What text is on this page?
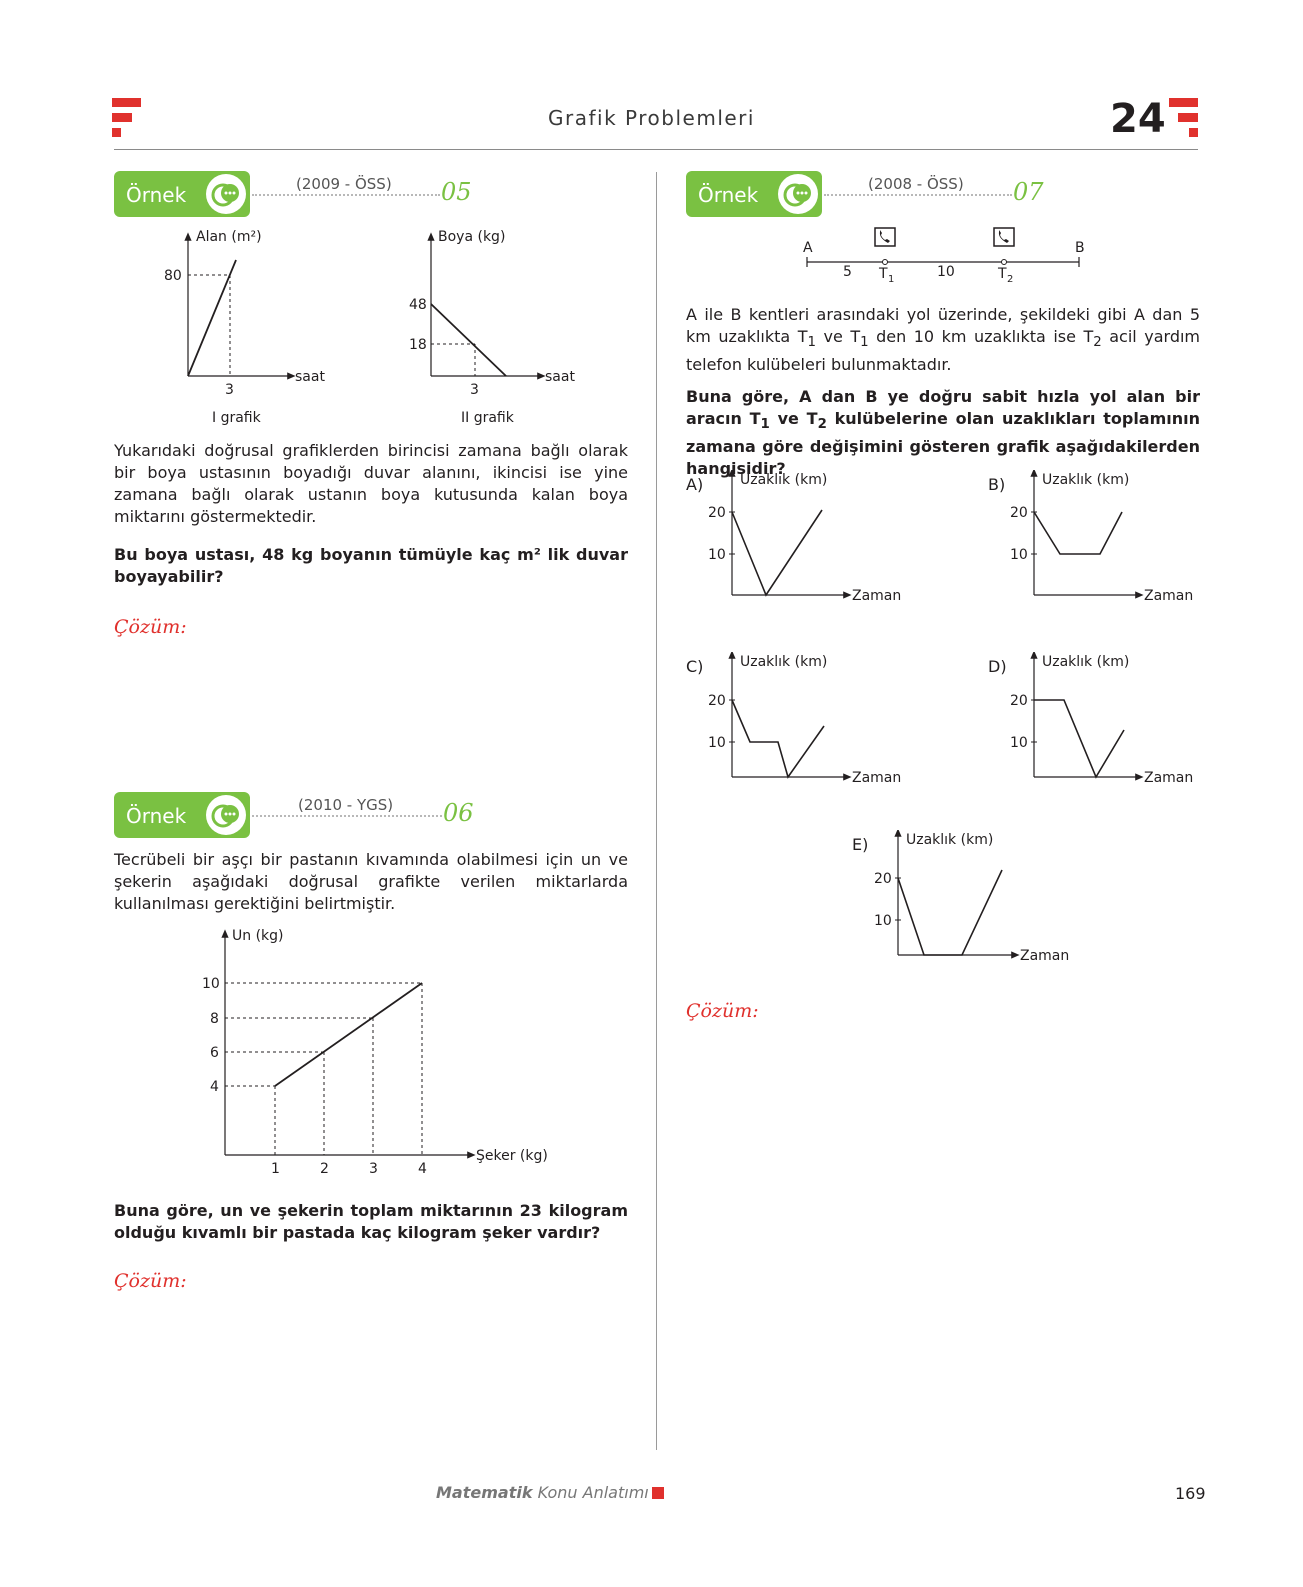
Grafik Problemleri	24
Örnek	(2009 - ÖSS) 05
Alan (m²)
80
3
saat
I grafik
Boya (kg)
48
18
3
saat
II grafik
Yukarıdaki doğrusal grafiklerden birincisi zamana bağlı olarak bir boya ustasının boyadığı duvar alanını, ikincisi ise yine zamana bağlı olarak ustanın boya kutusunda kalan boya miktarını göstermektedir.
Bu boya ustası, 48 kg boyanın tümüyle kaç m² lik duvar boyayabilir?
Çözüm:
Örnek	(2010 - YGS) 06
Tecrübeli bir aşçı bir pastanın kıvamında olabilmesi için un ve şekerin aşağıdaki doğrusal grafikte verilen miktarlarda kullanılması gerektiğini belirtmiştir.
Un (kg)
10
8
6
4
1	2	3	4
Şeker (kg)
Buna göre, un ve şekerin toplam miktarının 23 kilogram olduğu kıvamlı bir pastada kaç kilogram şeker vardır?
Çözüm:
Örnek	(2008 - ÖSS) 07
A	B
5	10
T 1	T 2
A ile B kentleri arasındaki yol üzerinde, şekildeki gibi A dan 5 km uzaklıkta $T_1$ ve $T_1$ den 10 km uzaklıkta ise $T_2$ acil yardım telefon kulübeleri bulunmaktadır.
Buna göre, A dan B ye doğru sabit hızla yol alan bir aracın $T_1$ ve $T_2$ kulübelerine olan uzaklıkları toplamının zamana göre değişimini gösteren grafik aşağıdakilerden hangisidir?
A)	Uzaklık (km)
20
10
Zaman
B)	Uzaklık (km)
20
10
Zaman
C)	Uzaklık (km)
20
10
Zaman
D)	Uzaklık (km)
20
10
Zaman
E)	Uzaklık (km)
20
10
Zaman
Çözüm:
Matematik Konu Anlatımı	169
